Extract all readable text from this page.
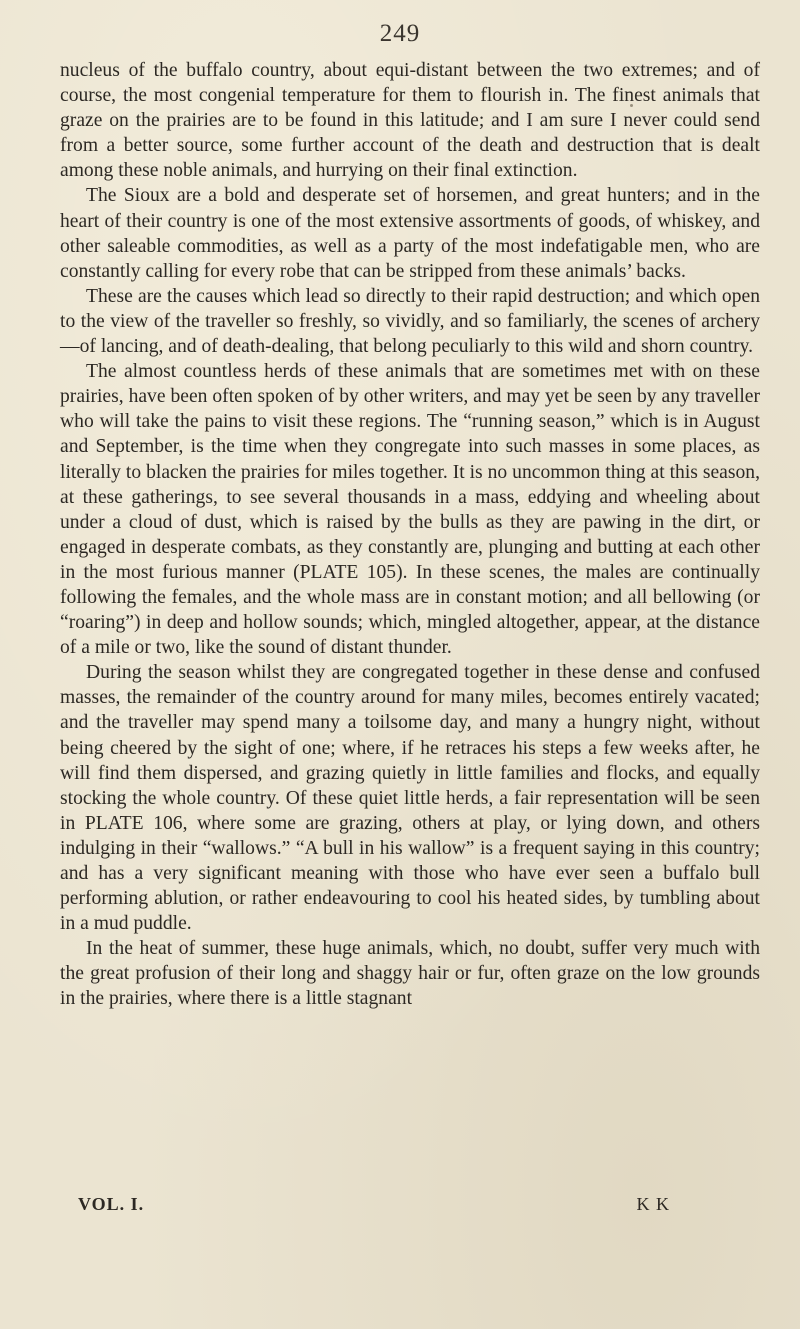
249

nucleus of the buffalo country, about equi-distant between the two extremes; and of course, the most congenial temperature for them to flourish in. The finest animals that graze on the prairies are to be found in this latitude; and I am sure I never could send from a better source, some further account of the death and destruction that is dealt among these noble animals, and hurrying on their final extinction.

The Sioux are a bold and desperate set of horsemen, and great hunters; and in the heart of their country is one of the most extensive assortments of goods, of whiskey, and other saleable commodities, as well as a party of the most indefatigable men, who are constantly calling for every robe that can be stripped from these animals’ backs.

These are the causes which lead so directly to their rapid destruction; and which open to the view of the traveller so freshly, so vividly, and so familiarly, the scenes of archery—of lancing, and of death-dealing, that belong peculiarly to this wild and shorn country.

The almost countless herds of these animals that are sometimes met with on these prairies, have been often spoken of by other writers, and may yet be seen by any traveller who will take the pains to visit these regions. The “running season,” which is in August and September, is the time when they congregate into such masses in some places, as literally to blacken the prairies for miles together. It is no uncommon thing at this season, at these gatherings, to see several thousands in a mass, eddying and wheeling about under a cloud of dust, which is raised by the bulls as they are pawing in the dirt, or engaged in desperate combats, as they constantly are, plunging and butting at each other in the most furious manner (PLATE 105). In these scenes, the males are continually following the females, and the whole mass are in constant motion; and all bellowing (or “roaring”) in deep and hollow sounds; which, mingled altogether, appear, at the distance of a mile or two, like the sound of distant thunder.

During the season whilst they are congregated together in these dense and confused masses, the remainder of the country around for many miles, becomes entirely vacated; and the traveller may spend many a toilsome day, and many a hungry night, without being cheered by the sight of one; where, if he retraces his steps a few weeks after, he will find them dispersed, and grazing quietly in little families and flocks, and equally stocking the whole country. Of these quiet little herds, a fair representation will be seen in PLATE 106, where some are grazing, others at play, or lying down, and others indulging in their “wallows.” “A bull in his wallow” is a frequent saying in this country; and has a very significant meaning with those who have ever seen a buffalo bull performing ablution, or rather endeavouring to cool his heated sides, by tumbling about in a mud puddle.

In the heat of summer, these huge animals, which, no doubt, suffer very much with the great profusion of their long and shaggy hair or fur, often graze on the low grounds in the prairies, where there is a little stagnant

VOL. I.	K K
